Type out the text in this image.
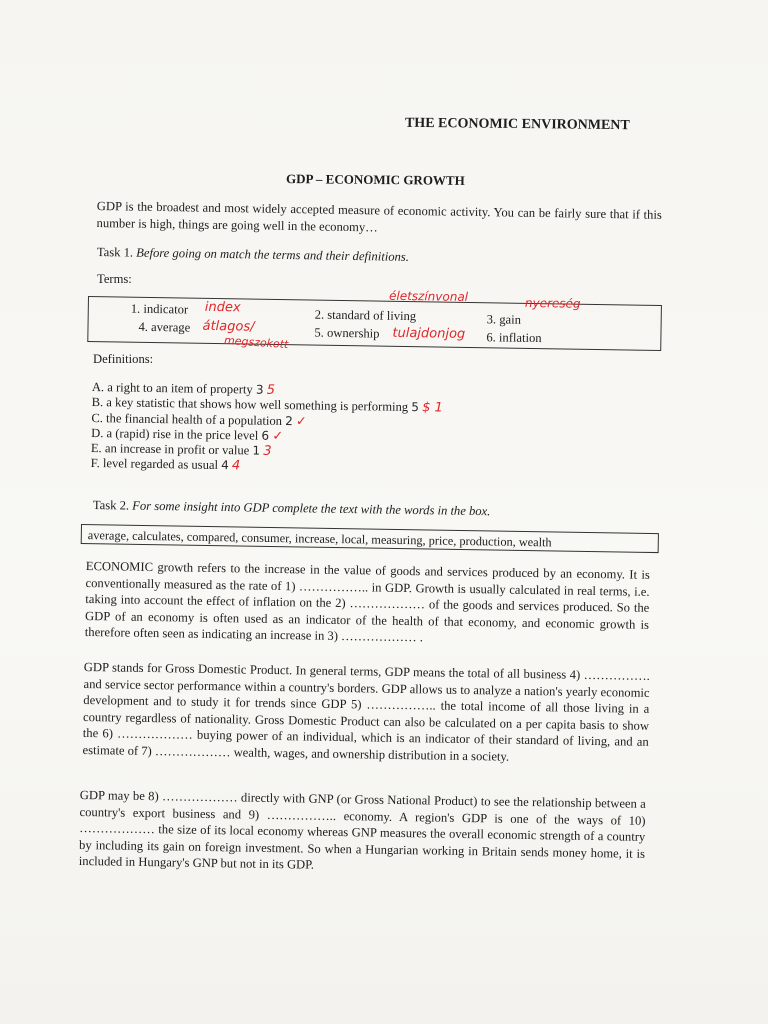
THE ECONOMIC ENVIRONMENT
GDP – ECONOMIC GROWTH
GDP is the broadest and most widely accepted measure of economic activity. You can be fairly sure that if this number is high, things are going well in the economy…
Task 1. Before going on match the terms and their definitions.
Terms:
1. indicator index	2. standard of living
életszínvonal
3. gain
nyereség
4. average átlagos/	5. ownership tulajdonjog 6. inflation
megszokott
Definitions:
A. a right to an item of property 3 5
B. a key statistic that shows how well something is performing 5 $ 1
C. the financial health of a population 2 ✓
D. a (rapid) rise in the price level 6 ✓
E. an increase in profit or value 1 3
F. level regarded as usual 4 4
Task 2. For some insight into GDP complete the text with the words in the box.
average, calculates, compared, consumer, increase, local, measuring, price, production, wealth
ECONOMIC growth refers to the increase in the value of goods and services produced by an economy. It is conventionally measured as the rate of 1) …………….. in GDP. Growth is usually calculated in real terms, i.e. taking into account the effect of inflation on the 2) ……………… of the goods and services produced. So the GDP of an economy is often used as an indicator of the health of that economy, and economic growth is therefore often seen as indicating an increase in 3) ……………… .
GDP stands for Gross Domestic Product. In general terms, GDP means the total of all business 4) ……………. and service sector performance within a country's borders. GDP allows us to analyze a nation's yearly economic development and to study it for trends since GDP 5) …………….. the total income of all those living in a country regardless of nationality. Gross Domestic Product can also be calculated on a per capita basis to show the 6) ……………… buying power of an individual, which is an indicator of their standard of living, and an estimate of 7) ……………… wealth, wages, and ownership distribution in a society.
GDP may be 8) ……………… directly with GNP (or Gross National Product) to see the relationship between a country's export business and 9) …………….. economy. A region's GDP is one of the ways of 10) ……………… the size of its local economy whereas GNP measures the overall economic strength of a country by including its gain on foreign investment. So when a Hungarian working in Britain sends money home, it is included in Hungary's GNP but not in its GDP.
